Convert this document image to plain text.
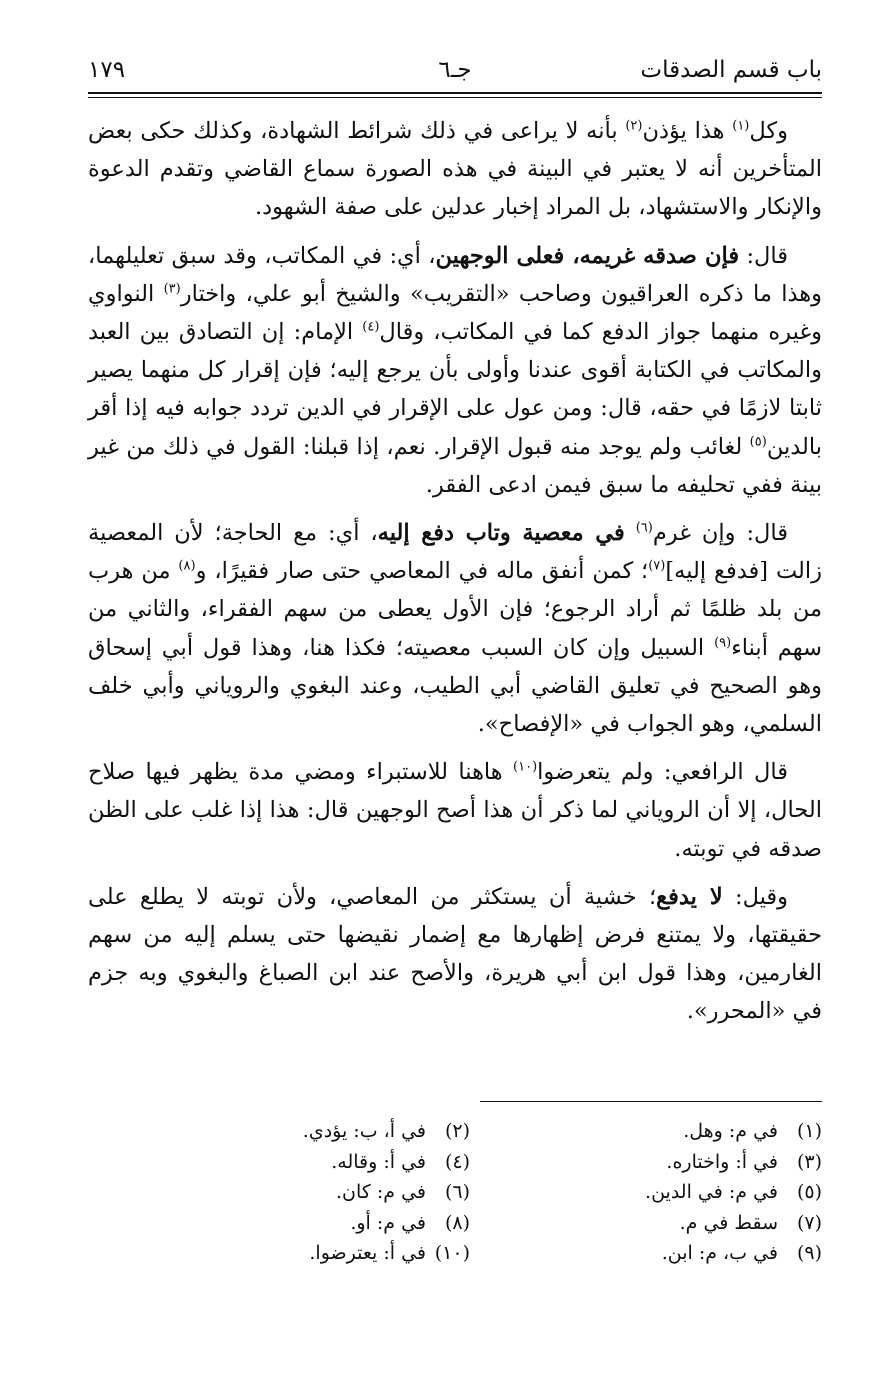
باب قسم الصدقات
جـ٦
١٧٩

وكل$^{(١)}$ هذا يؤذن$^{(٢)}$ بأنه لا يراعى في ذلك شرائط الشهادة، وكذلك حكى بعض المتأخرين أنه لا يعتبر في البينة في هذه الصورة سماع القاضي وتقدم الدعوة والإنكار والاستشهاد، بل المراد إخبار عدلين على صفة الشهود.

قال: فإن صدقه غريمه، فعلى الوجهين، أي: في المكاتب، وقد سبق تعليلهما، وهذا ما ذكره العراقيون وصاحب «التقريب» والشيخ أبو علي، واختار$^{(٣)}$ النواوي وغيره منهما جواز الدفع كما في المكاتب، وقال$^{(٤)}$ الإمام: إن التصادق بين العبد والمكاتب في الكتابة أقوى عندنا وأولى بأن يرجع إليه؛ فإن إقرار كل منهما يصير ثابتا لازمًا في حقه، قال: ومن عول على الإقرار في الدين تردد جوابه فيه إذا أقر بالدين$^{(٥)}$ لغائب ولم يوجد منه قبول الإقرار. نعم، إذا قبلنا: القول في ذلك من غير بينة ففي تحليفه ما سبق فيمن ادعى الفقر.

قال: وإن غرم$^{(٦)}$ في معصية وتاب دفع إليه، أي: مع الحاجة؛ لأن المعصية زالت [فدفع إليه]$^{(٧)}$؛ كمن أنفق ماله في المعاصي حتى صار فقيرًا، و$^{(٨)}$ من هرب من بلد ظلمًا ثم أراد الرجوع؛ فإن الأول يعطى من سهم الفقراء، والثاني من سهم أبناء$^{(٩)}$ السبيل وإن كان السبب معصيته؛ فكذا هنا، وهذا قول أبي إسحاق وهو الصحيح في تعليق القاضي أبي الطيب، وعند البغوي والروياني وأبي خلف السلمي، وهو الجواب في «الإفصاح».

قال الرافعي: ولم يتعرضوا$^{(١٠)}$ هاهنا للاستبراء ومضي مدة يظهر فيها صلاح الحال، إلا أن الروياني لما ذكر أن هذا أصح الوجهين قال: هذا إذا غلب على الظن صدقه في توبته.

وقيل: لا يدفع؛ خشية أن يستكثر من المعاصي، ولأن توبته لا يطلع على حقيقتها، ولا يمتنع فرض إظهارها مع إضمار نقيضها حتى يسلم إليه من سهم الغارمين، وهذا قول ابن أبي هريرة، والأصح عند ابن الصباغ والبغوي وبه جزم في «المحرر».

(١)في م: وهل.
(٣)في أ: واختاره.
(٥)في م: في الدين.
(٧)سقط في م.
(٩)في ب، م: ابن.
(٢)في أ، ب: يؤدي.
(٤)في أ: وقاله.
(٦)في م: كان.
(٨)في م: أو.
(١٠)في أ: يعترضوا.
